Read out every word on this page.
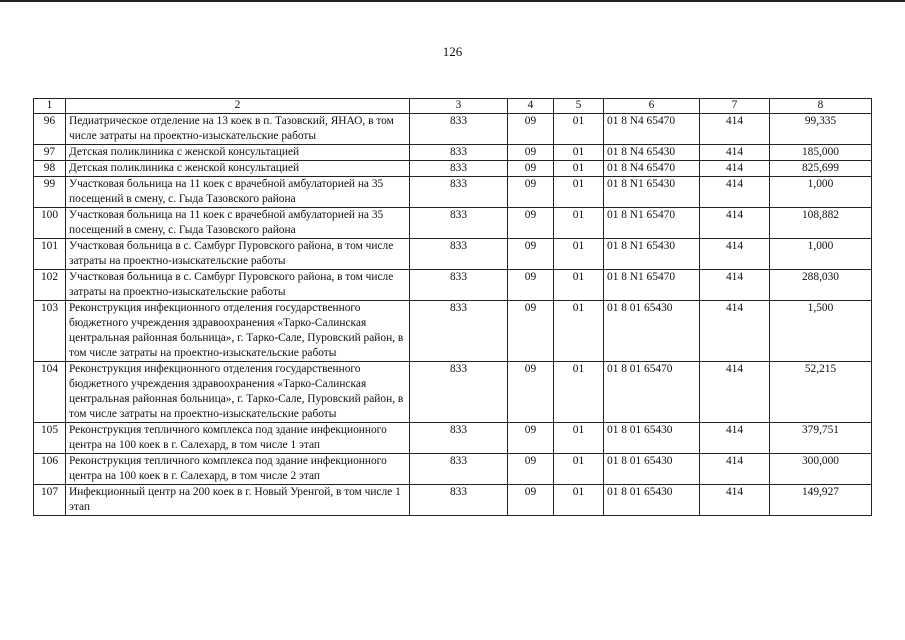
126
1	2	3	4	5	6	7	8
96	Педиатрическое отделение на 13 коек в п. Тазовский, ЯНАО, в том числе затраты на проектно-изыскательские работы	833	09	01	01 8 N4 65470	414	99,335
97	Детская поликлиника с женской консультацией	833	09	01	01 8 N4 65430	414	185,000
98	Детская поликлиника с женской консультацией	833	09	01	01 8 N4 65470	414	825,699
99	Участковая больница на 11 коек с врачебной амбулаторией на 35 посещений в смену, с. Гыда Тазовского района	833	09	01	01 8 N1 65430	414	1,000
100	Участковая больница на 11 коек с врачебной амбулаторией на 35 посещений в смену, с. Гыда Тазовского района	833	09	01	01 8 N1 65470	414	108,882
101	Участковая больница в с. Самбург Пуровского района, в том числе затраты на проектно-изыскательские работы	833	09	01	01 8 N1 65430	414	1,000
102	Участковая больница в с. Самбург Пуровского района, в том числе затраты на проектно-изыскательские работы	833	09	01	01 8 N1 65470	414	288,030
103	Реконструкция инфекционного отделения государственного бюджетного учреждения здравоохранения «Тарко-Салинская центральная районная больница», г. Тарко-Сале, Пуровский район, в том числе затраты на проектно-изыскательские работы	833	09	01	01 8 01 65430	414	1,500
104	Реконструкция инфекционного отделения государственного бюджетного учреждения здравоохранения «Тарко-Салинская центральная районная больница», г. Тарко-Сале, Пуровский район, в том числе затраты на проектно-изыскательские работы	833	09	01	01 8 01 65470	414	52,215
105	Реконструкция тепличного комплекса под здание инфекционного центра на 100 коек в г. Салехард, в том числе 1 этап	833	09	01	01 8 01 65430	414	379,751
106	Реконструкция тепличного комплекса под здание инфекционного центра на 100 коек в г. Салехард, в том числе 2 этап	833	09	01	01 8 01 65430	414	300,000
107	Инфекционный центр на 200 коек в г. Новый Уренгой, в том числе 1 этап	833	09	01	01 8 01 65430	414	149,927
